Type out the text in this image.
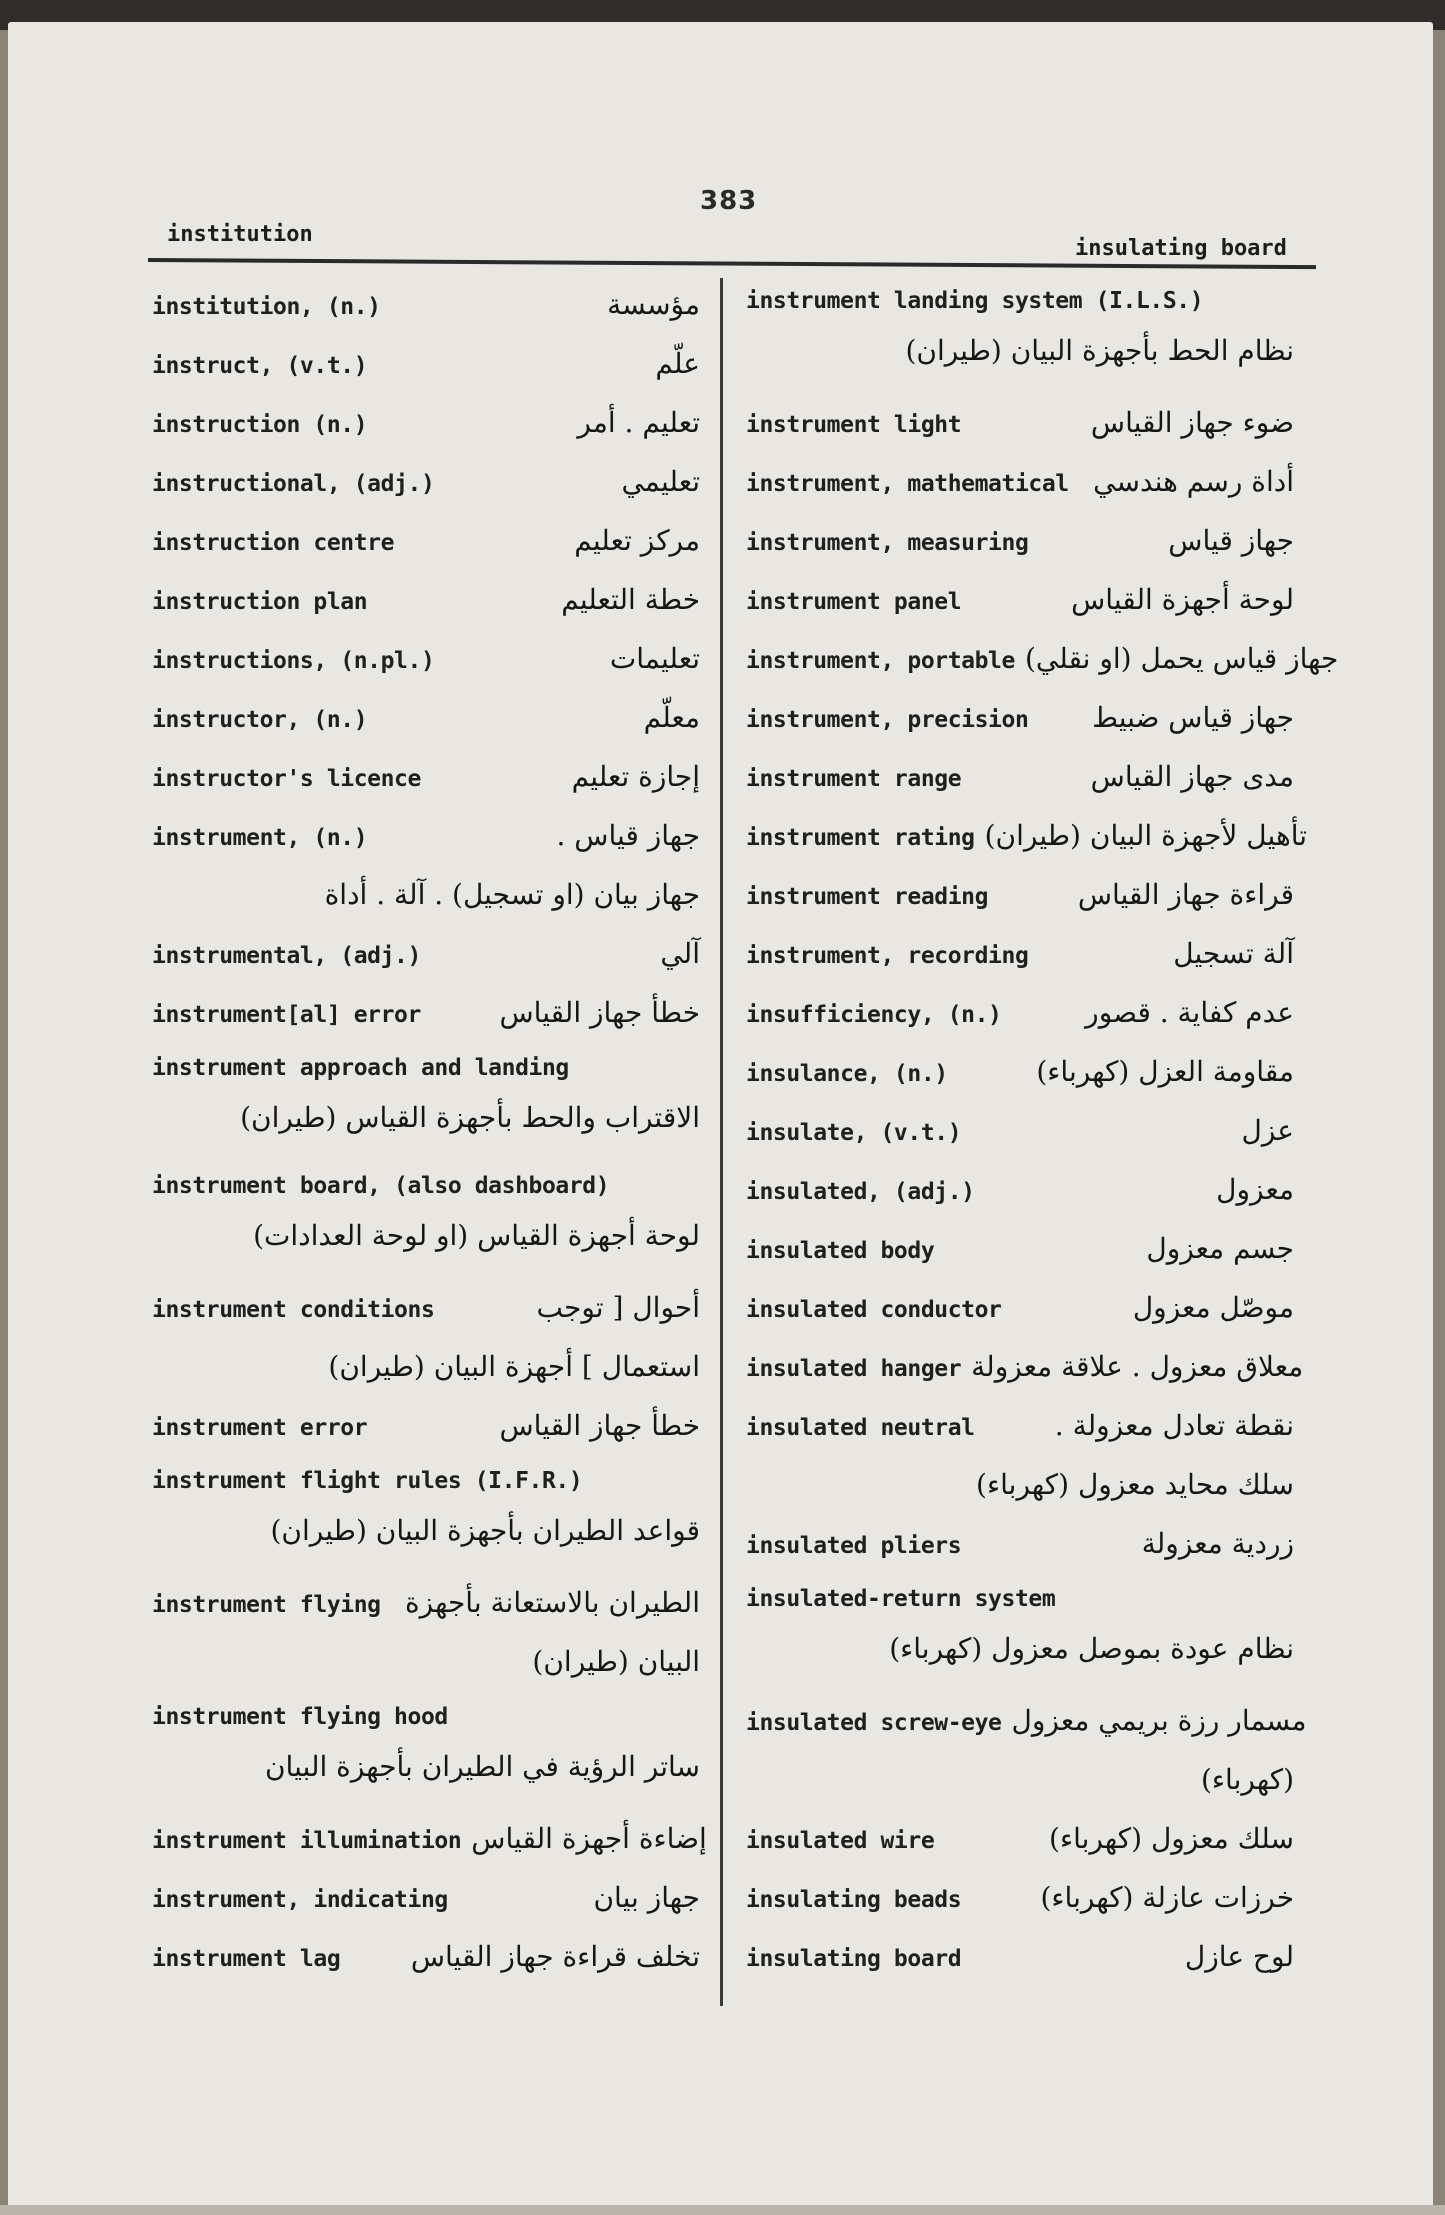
383
institution
insulating board
institution, (n.)	مؤسسة
instruct, (v.t.)	علّم
instruction (n.)	تعليم . أمر
instructional, (adj.)	تعليمي
instruction centre	مركز تعليم
instruction plan	خطة التعليم
instructions, (n.pl.)	تعليمات
instructor, (n.)	معلّم
instructor's licence	إجازة تعليم
instrument, (n.)	جهاز قياس .
جهاز بيان (او تسجيل) . آلة . أداة
instrumental, (adj.)	آلي
instrument[al] error	خطأ جهاز القياس
instrument approach and landing
الاقتراب والحط بأجهزة القياس (طيران)
instrument board, (also dashboard)
لوحة أجهزة القياس (او لوحة العدادات)
instrument conditions	أحوال [ توجب
استعمال ] أجهزة البيان (طيران)
instrument error	خطأ جهاز القياس
instrument flight rules (I.F.R.)
قواعد الطيران بأجهزة البيان (طيران)
instrument flying الطيران بالاستعانة بأجهزة
البيان (طيران)
instrument flying hood
ساتر الرؤية في الطيران بأجهزة البيان
instrument illumination إضاءة أجهزة القياس
instrument, indicating	جهاز بيان
instrument lag	تخلف قراءة جهاز القياس
instrument landing system (I.L.S.)
نظام الحط بأجهزة البيان (طيران)
instrument light	ضوء جهاز القياس
instrument, mathematical أداة رسم هندسي
instrument, measuring	جهاز قياس
instrument panel	لوحة أجهزة القياس
instrument, portable جهاز قياس يحمل (او نقلي)
instrument, precision جهاز قياس ضبيط
instrument range	مدى جهاز القياس
instrument rating تأهيل لأجهزة البيان (طيران)
instrument reading	قراءة جهاز القياس
instrument, recording	آلة تسجيل
insufficiency, (n.)	عدم كفاية . قصور
insulance, (n.)	مقاومة العزل (كهرباء)
insulate, (v.t.)	عزل
insulated, (adj.)	معزول
insulated body	جسم معزول
insulated conductor	موصّل معزول
insulated hanger معلاق معزول . علاقة معزولة
insulated neutral	نقطة تعادل معزولة .
سلك محايد معزول (كهرباء)
insulated pliers	زردية معزولة
insulated-return system
نظام عودة بموصل معزول (كهرباء)
insulated screw-eye مسمار رزة بريمي معزول
(كهرباء)
insulated wire	سلك معزول (كهرباء)
insulating beads	خرزات عازلة (كهرباء)
insulating board	لوح عازل
